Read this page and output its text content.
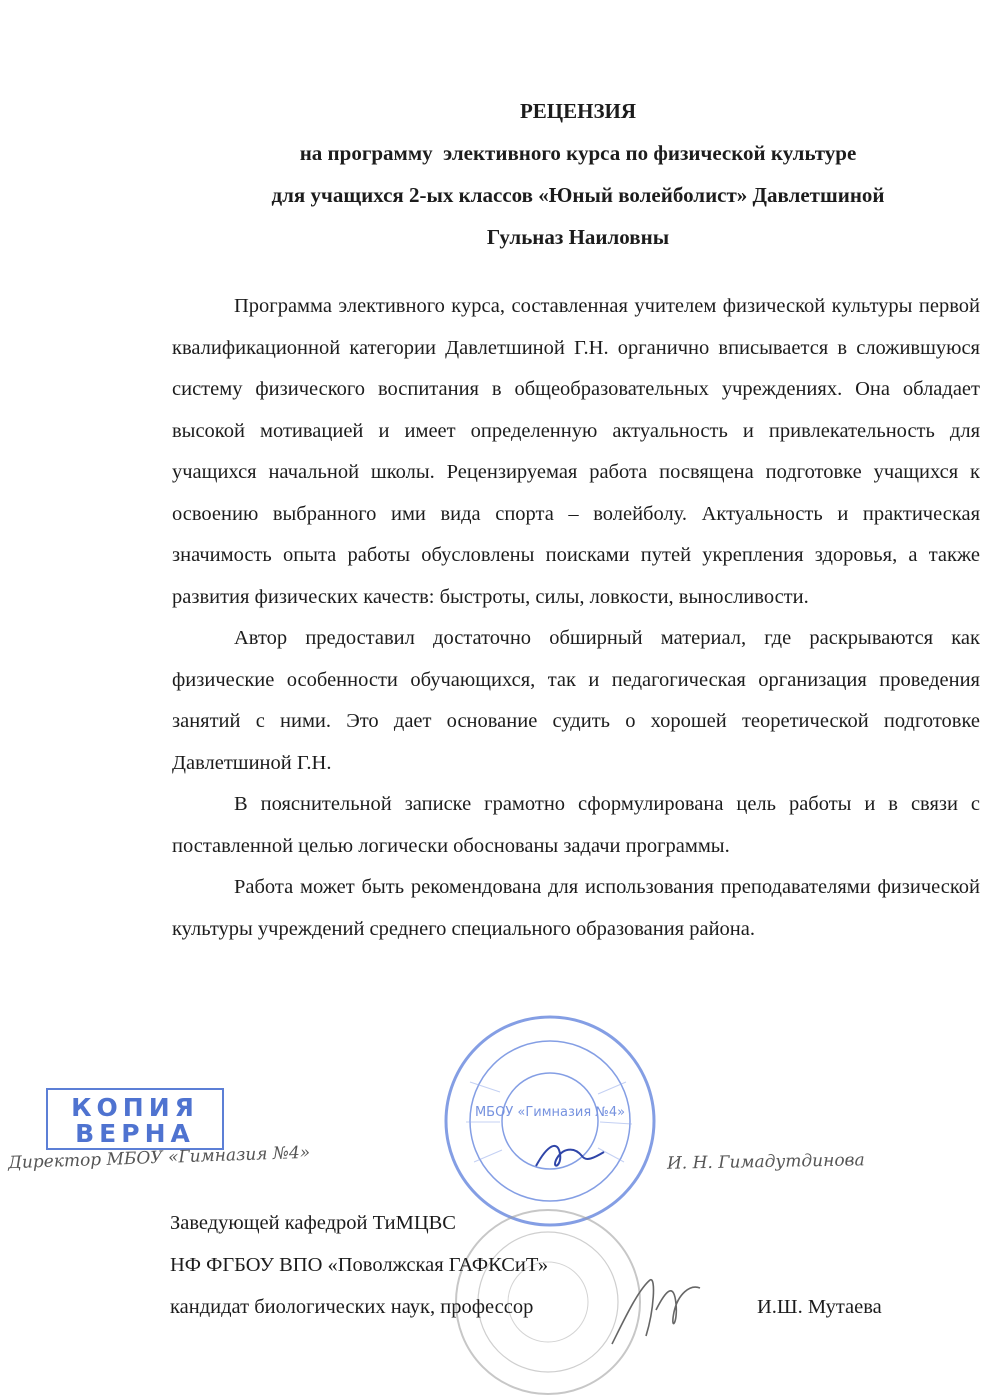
РЕЦЕНЗИЯ
на программу  элективного курса по физической культуре
для учащихся 2-ых классов «Юный волейболист» Давлетшиной
Гульназ Наиловны

Программа элективного курса, составленная учителем физической культуры первой квалификационной категории Давлетшиной Г.Н. органично вписывается в сложившуюся систему физического воспитания в общеобразовательных учреждениях. Она обладает высокой мотивацией и имеет определенную актуальность и привлекательность для учащихся начальной школы. Рецензируемая работа посвящена подготовке учащихся к освоению выбранного ими вида спорта – волейболу. Актуальность и практическая значимость опыта работы обусловлены поисками путей укрепления здоровья, а также развития физических качеств: быстроты, силы, ловкости, выносливости.

Автор предоставил достаточно обширный материал, где раскрываются как физические особенности обучающихся, так и педагогическая организация проведения занятий с ними. Это дает основание судить о хорошей теоретической подготовке Давлетшиной Г.Н.

В пояснительной записке грамотно сформулирована цель работы и в связи с поставленной целью логически обоснованы задачи программы.

Работа может быть рекомендована для использования преподавателями физической культуры учреждений среднего специального образования района.

МБОУ «Гимназия №4»
КОПИЯ
ВЕРНА
Директор МБОУ «Гимназия №4»	И. Н. Гимадутдинова
Заведующей кафедрой ТиМЦВС
НФ ФГБОУ ВПО «Поволжская ГАФКСиТ»
кандидат биологических наук, профессор	И.Ш. Мутаева
